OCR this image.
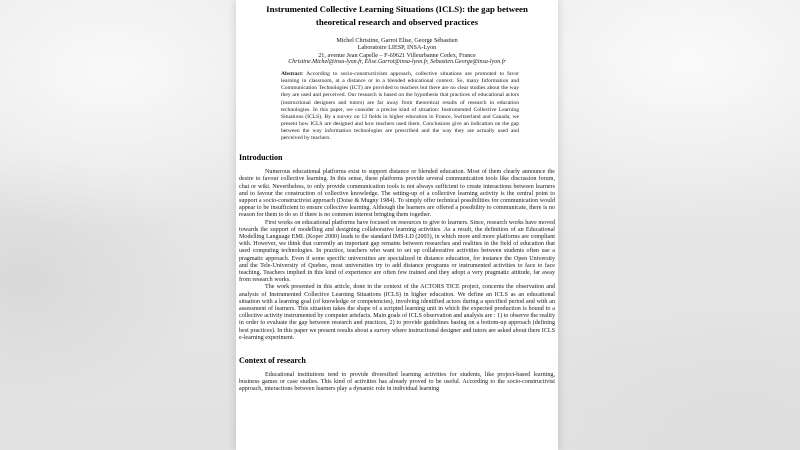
Instrumented Collective Learning Situations (ICLS): the gap between
theoretical research and observed practices
Michel Christine, Garrot Elise, George Sébastien
Laboratoire LIESP, INSA-Lyon
21, avenue Jean Capelle – F-69621 Villeurbanne Cedex, France
Christine.Michel@insa-lyon.fr, Elise.Garrot@insa-lyon.fr, Sebastien.George@insa-lyon.fr

Abstract: According to socio-constructivism approach, collective situations are promoted to favor learning in classroom, at a distance or in a blended educational context. So, many Information and Communication Technologies (ICT) are provided to teachers but there are no clear studies about the way they are used and perceived. Our research is based on the hypothesis that practices of educational actors (instructional designers and tutors) are far away from theoretical results of research in education technologies. In this paper, we consider a precise kind of situation: Instrumented Collective Learning Situations (ICLS). By a survey on 13 fields in higher education in France, Switzerland and Canada, we present how ICLS are designed and how teachers used them. Conclusions give an indication on the gap between the way information technologies are prescribed and the way they are actually used and perceived by teachers.

Introduction

Numerous educational platforms exist to support distance or blended education. Most of them clearly announce the desire to favour collective learning. In this sense, these platforms provide several communication tools like discussion forum, chat or wiki. Nevertheless, to only provide communication tools is not always sufficient to create interactions between learners and to favour the construction of collective knowledge. The setting-up of a collective learning activity is the central point to support a socio-constructivist approach (Doise & Mugny 1984). To simply offer technical possibilities for communication would appear to be insufficient to ensure collective learning. Although the learners are offered a possibility to communicate, there is no reason for them to do so if there is no common interest bringing them together.

First works on educational platforms have focused on resources to give to learners. Since, research works have moved towards the support of modelling and designing collaborative learning activities. As a result, the definition of an Educational Modelling Language EML (Koper 2000) leads to the standard IMS-LD (2003), in which more and more platforms are compliant with. However, we think that currently an important gap remains between researches and realities in the field of education that used computing technologies. In practice, teachers who want to set up collaborative activities between students often use a pragmatic approach. Even if some specific universities are specialized in distance education, for instance the Open University and the Tele-University of Quebec, most universities try to add distance programs or instrumented activities to face to face teaching. Teachers implied in this kind of experience are often few trained and they adopt a very pragmatic attitude, far away from research works.

The work presented in this article, done in the context of the ACTORS TICE project, concerns the observation and analysis of Instrumented Collective Learning Situations (ICLS) in higher education. We define an ICLS as an educational situation with a learning goal (of knowledge or competencies), involving identified actors during a specified period and with an assessment of learners. This situation takes the shape of a scripted learning unit in which the expected production is bound to a collective activity instrumented by computer artefacts. Main goals of ICLS observation and analysis are : 1) to observe the reality in order to evaluate the gap between research and practices, 2) to provide guidelines basing on a bottom-up approach (defining best practices). In this paper we present results about a survey where instructional designer and tutors are asked about there ICLS e-learning experiment.

Context of research

Educational institutions tend to provide diversified learning activities for students, like project-based learning, business games or case studies. This kind of activities has already proved to be useful. According to the socio-constructivist approach, interactions between learners play a dynamic role in individual learning
